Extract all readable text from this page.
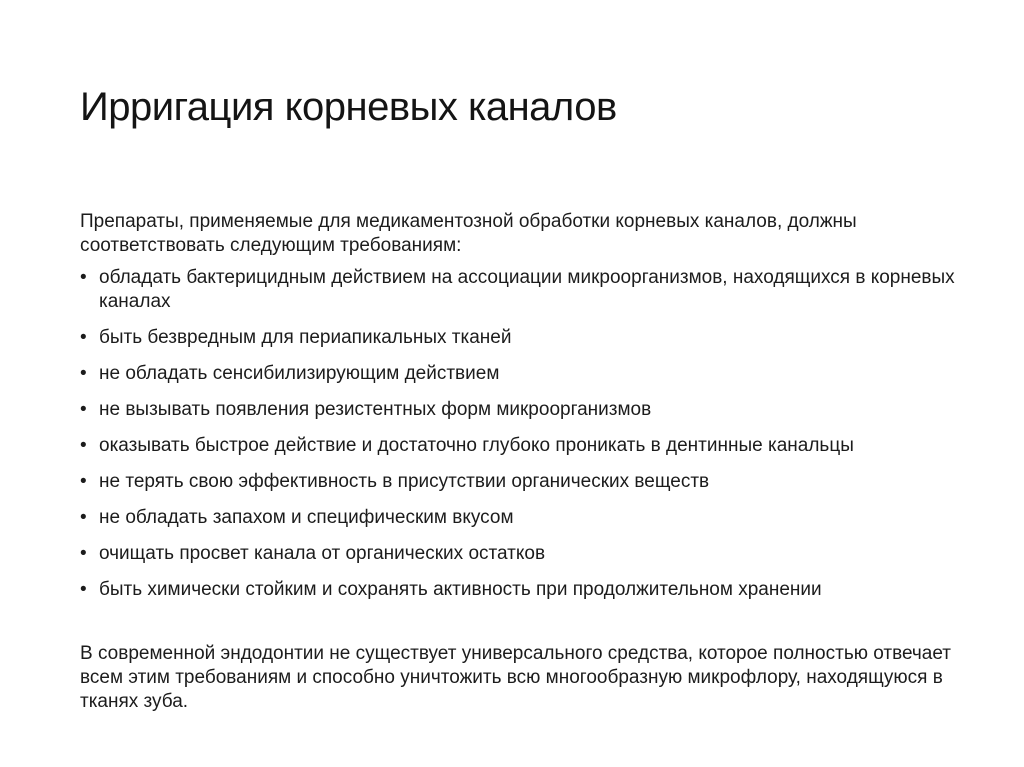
Ирригация корневых каналов

Препараты, применяемые для медикаментозной обработки корневых каналов, должны соответствовать следующим требованиям:

• обладать бактерицидным действием на ассоциации микроорганизмов, находящихся в корневых каналах
• быть безвредным для периапикальных тканей
• не обладать сенсибилизирующим действием
• не вызывать появления резистентных форм микроорганизмов
• оказывать быстрое действие и достаточно глубоко проникать в дентинные канальцы
• не терять свою эффективность в присутствии органических веществ
• не обладать запахом и специфическим вкусом
• очищать просвет канала от органических остатков
• быть химически стойким и сохранять активность при продолжительном хранении

В современной эндодонтии не существует универсального средства, которое полностью отвечает всем этим требованиям и способно уничтожить всю многообразную микрофлору, находящуюся в тканях зуба.
